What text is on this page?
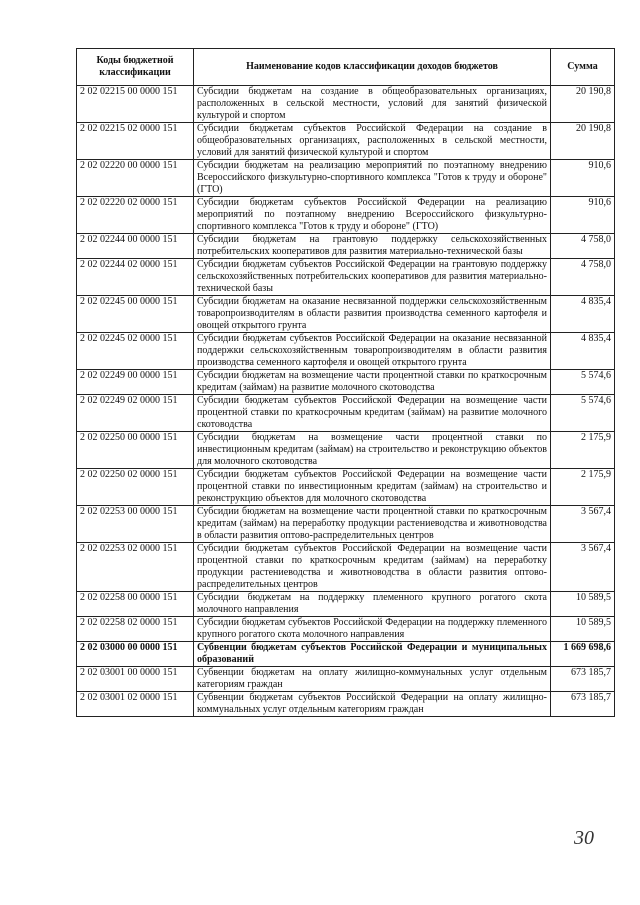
Коды бюджетной классификации	Наименование кодов классификации доходов бюджетов	Сумма
2 02 02215 00 0000 151	Субсидии бюджетам на создание в общеобразовательных организациях, расположенных в сельской местности, условий для занятий физической культурой и спортом	20 190,8
2 02 02215 02 0000 151	Субсидии бюджетам субъектов Российской Федерации на создание в общеобразовательных организациях, расположенных в сельской местности, условий для занятий физической культурой и спортом	20 190,8
2 02 02220 00 0000 151	Субсидии бюджетам на реализацию мероприятий по поэтапному внедрению Всероссийского физкультурно-спортивного комплекса "Готов к труду и обороне" (ГТО)	910,6
2 02 02220 02 0000 151	Субсидии бюджетам субъектов Российской Федерации на реализацию мероприятий по поэтапному внедрению Всероссийского физкультурно-спортивного комплекса "Готов к труду и обороне" (ГТО)	910,6
2 02 02244 00 0000 151	Субсидии бюджетам на грантовую поддержку сельскохозяйственных потребительских кооперативов для развития материально-технической базы	4 758,0
2 02 02244 02 0000 151	Субсидии бюджетам субъектов Российской Федерации на грантовую поддержку сельскохозяйственных потребительских кооперативов для развития материально-технической базы	4 758,0
2 02 02245 00 0000 151	Субсидии бюджетам на оказание несвязанной поддержки сельскохозяйственным товаропроизводителям в области развития производства семенного картофеля и овощей открытого грунта	4 835,4
2 02 02245 02 0000 151	Субсидии бюджетам субъектов Российской Федерации на оказание несвязанной поддержки сельскохозяйственным товаропроизводителям в области развития производства семенного картофеля и овощей открытого грунта	4 835,4
2 02 02249 00 0000 151	Субсидии бюджетам на возмещение части процентной ставки по краткосрочным кредитам (займам) на развитие молочного скотоводства	5 574,6
2 02 02249 02 0000 151	Субсидии бюджетам субъектов Российской Федерации на возмещение части процентной ставки по краткосрочным кредитам (займам) на развитие молочного скотоводства	5 574,6
2 02 02250 00 0000 151	Субсидии бюджетам на возмещение части процентной ставки по инвестиционным кредитам (займам) на строительство и реконструкцию объектов для молочного скотоводства	2 175,9
2 02 02250 02 0000 151	Субсидии бюджетам субъектов Российской Федерации на возмещение части процентной ставки по инвестиционным кредитам (займам) на строительство и реконструкцию объектов для молочного скотоводства	2 175,9
2 02 02253 00 0000 151	Субсидии бюджетам на возмещение части процентной ставки по краткосрочным кредитам (займам) на переработку продукции растениеводства и животноводства в области развития оптово-распределительных центров	3 567,4
2 02 02253 02 0000 151	Субсидии бюджетам субъектов Российской Федерации на возмещение части процентной ставки по краткосрочным кредитам (займам) на переработку продукции растениеводства и животноводства в области развития оптово-распределительных центров	3 567,4
2 02 02258 00 0000 151	Субсидии бюджетам на поддержку племенного крупного рогатого скота молочного направления	10 589,5
2 02 02258 02 0000 151	Субсидии бюджетам субъектов Российской Федерации на поддержку племенного крупного рогатого скота молочного направления	10 589,5
2 02 03000 00 0000 151	Субвенции бюджетам субъектов Российской Федерации и муниципальных образований	1 669 698,6
2 02 03001 00 0000 151	Субвенции бюджетам на оплату жилищно-коммунальных услуг отдельным категориям граждан	673 185,7
2 02 03001 02 0000 151	Субвенции бюджетам субъектов Российской Федерации на оплату жилищно-коммунальных услуг отдельным категориям граждан	673 185,7
30
